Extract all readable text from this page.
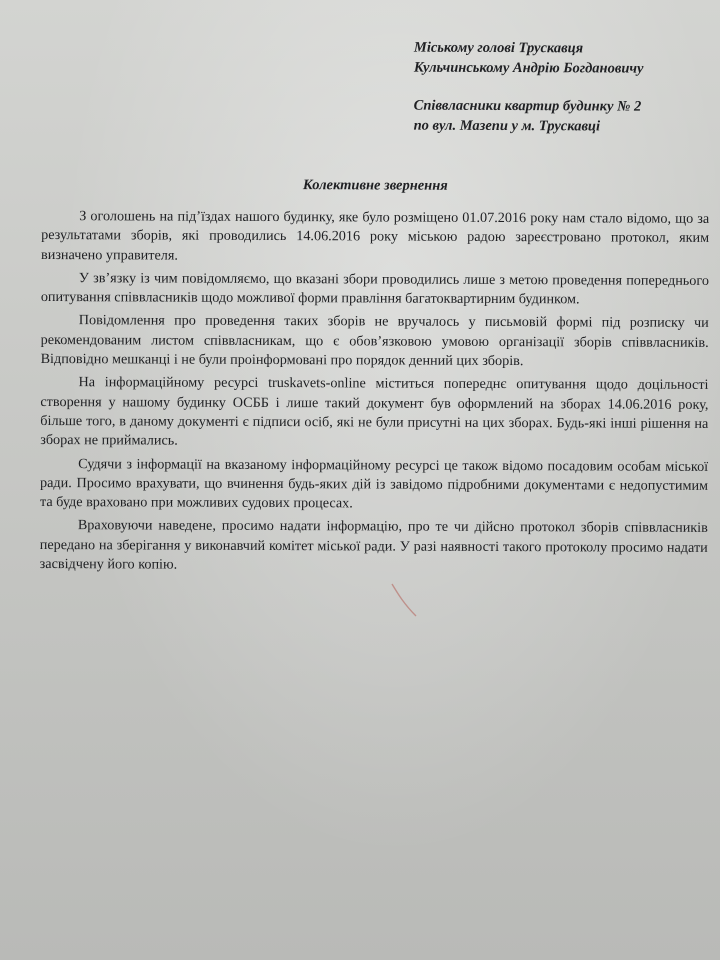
Міському голові Трускавця
Кульчинському Андрію Богдановичу
Співвласники квартир будинку № 2
по вул. Мазепи у м. Трускавці
Колективне звернення

З оголошень на під’їздах нашого будинку, яке було розміщено 01.07.2016 року нам стало відомо, що за результатами зборів, які проводились 14.06.2016 року міською радою зареєстровано протокол, яким визначено управителя.

У зв’язку із чим повідомляємо, що вказані збори проводились лише з метою проведення попереднього опитування співвласників щодо можливої форми правління багатоквартирним будинком.

Повідомлення про проведення таких зборів не вручалось у письмовій формі під розписку чи рекомендованим листом співвласникам, що є обов’язковою умовою організації зборів співвласників. Відповідно мешканці і не були проінформовані про порядок денний цих зборів.

На інформаційному ресурсі truskavets-online міститься попереднє опитування щодо доцільності створення у нашому будинку ОСББ і лише такий документ був оформлений на зборах 14.06.2016 року, більше того, в даному документі є підписи осіб, які не були присутні на цих зборах. Будь-які інші рішення на зборах не приймались.

Судячи з інформації на вказаному інформаційному ресурсі це також відомо посадовим особам міської ради. Просимо врахувати, що вчинення будь-яких дій із завідомо підробними документами є недопустимим та буде враховано при можливих судових процесах.

Враховуючи наведене, просимо надати інформацію, про те чи дійсно протокол зборів співвласників передано на зберігання у виконавчий комітет міської ради. У разі наявності такого протоколу просимо надати засвідчену його копію.
